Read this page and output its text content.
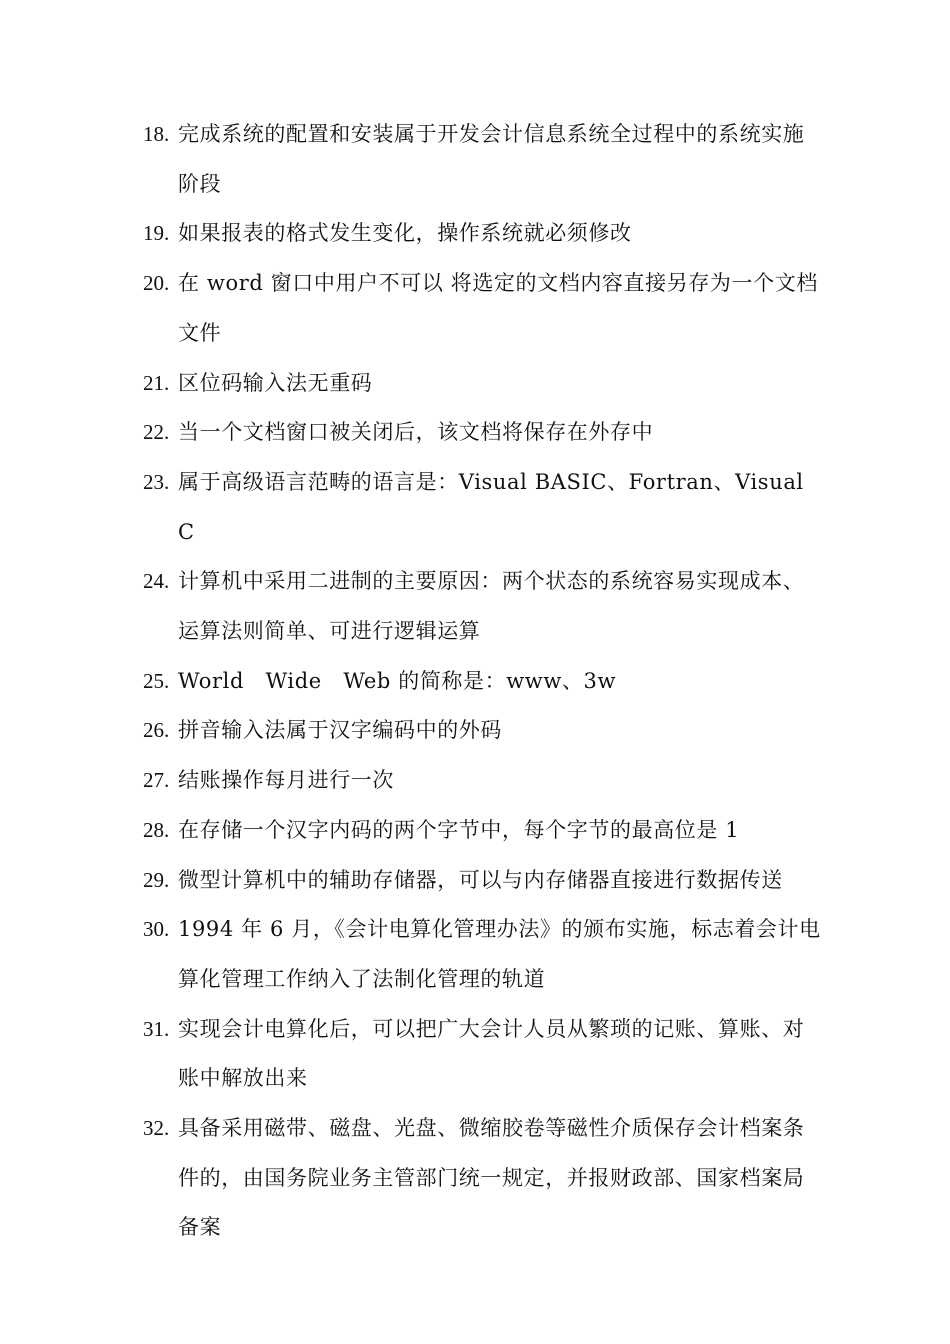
18. 完成系统的配置和安装属于开发会计信息系统全过程中的系统实施阶段
19. 如果报表的格式发生变化，操作系统就必须修改
20. 在 word 窗口中用户不可以 将选定的文档内容直接另存为一个文档文件
21. 区位码输入法无重码
22. 当一个文档窗口被关闭后，该文档将保存在外存中
23. 属于高级语言范畴的语言是：Visual BASIC、Fortran、Visual C
24. 计算机中采用二进制的主要原因：两个状态的系统容易实现成本、运算法则简单、可进行逻辑运算
25. World　Wide　Web 的简称是：www、3w
26. 拼音输入法属于汉字编码中的外码
27. 结账操作每月进行一次
28. 在存储一个汉字内码的两个字节中，每个字节的最高位是 1
29. 微型计算机中的辅助存储器，可以与内存储器直接进行数据传送
30. 1994 年 6 月，《会计电算化管理办法》的颁布实施，标志着会计电算化管理工作纳入了法制化管理的轨道
31. 实现会计电算化后，可以把广大会计人员从繁琐的记账、算账、对账中解放出来
32. 具备采用磁带、磁盘、光盘、微缩胶卷等磁性介质保存会计档案条件的，由国务院业务主管部门统一规定，并报财政部、国家档案局备案
